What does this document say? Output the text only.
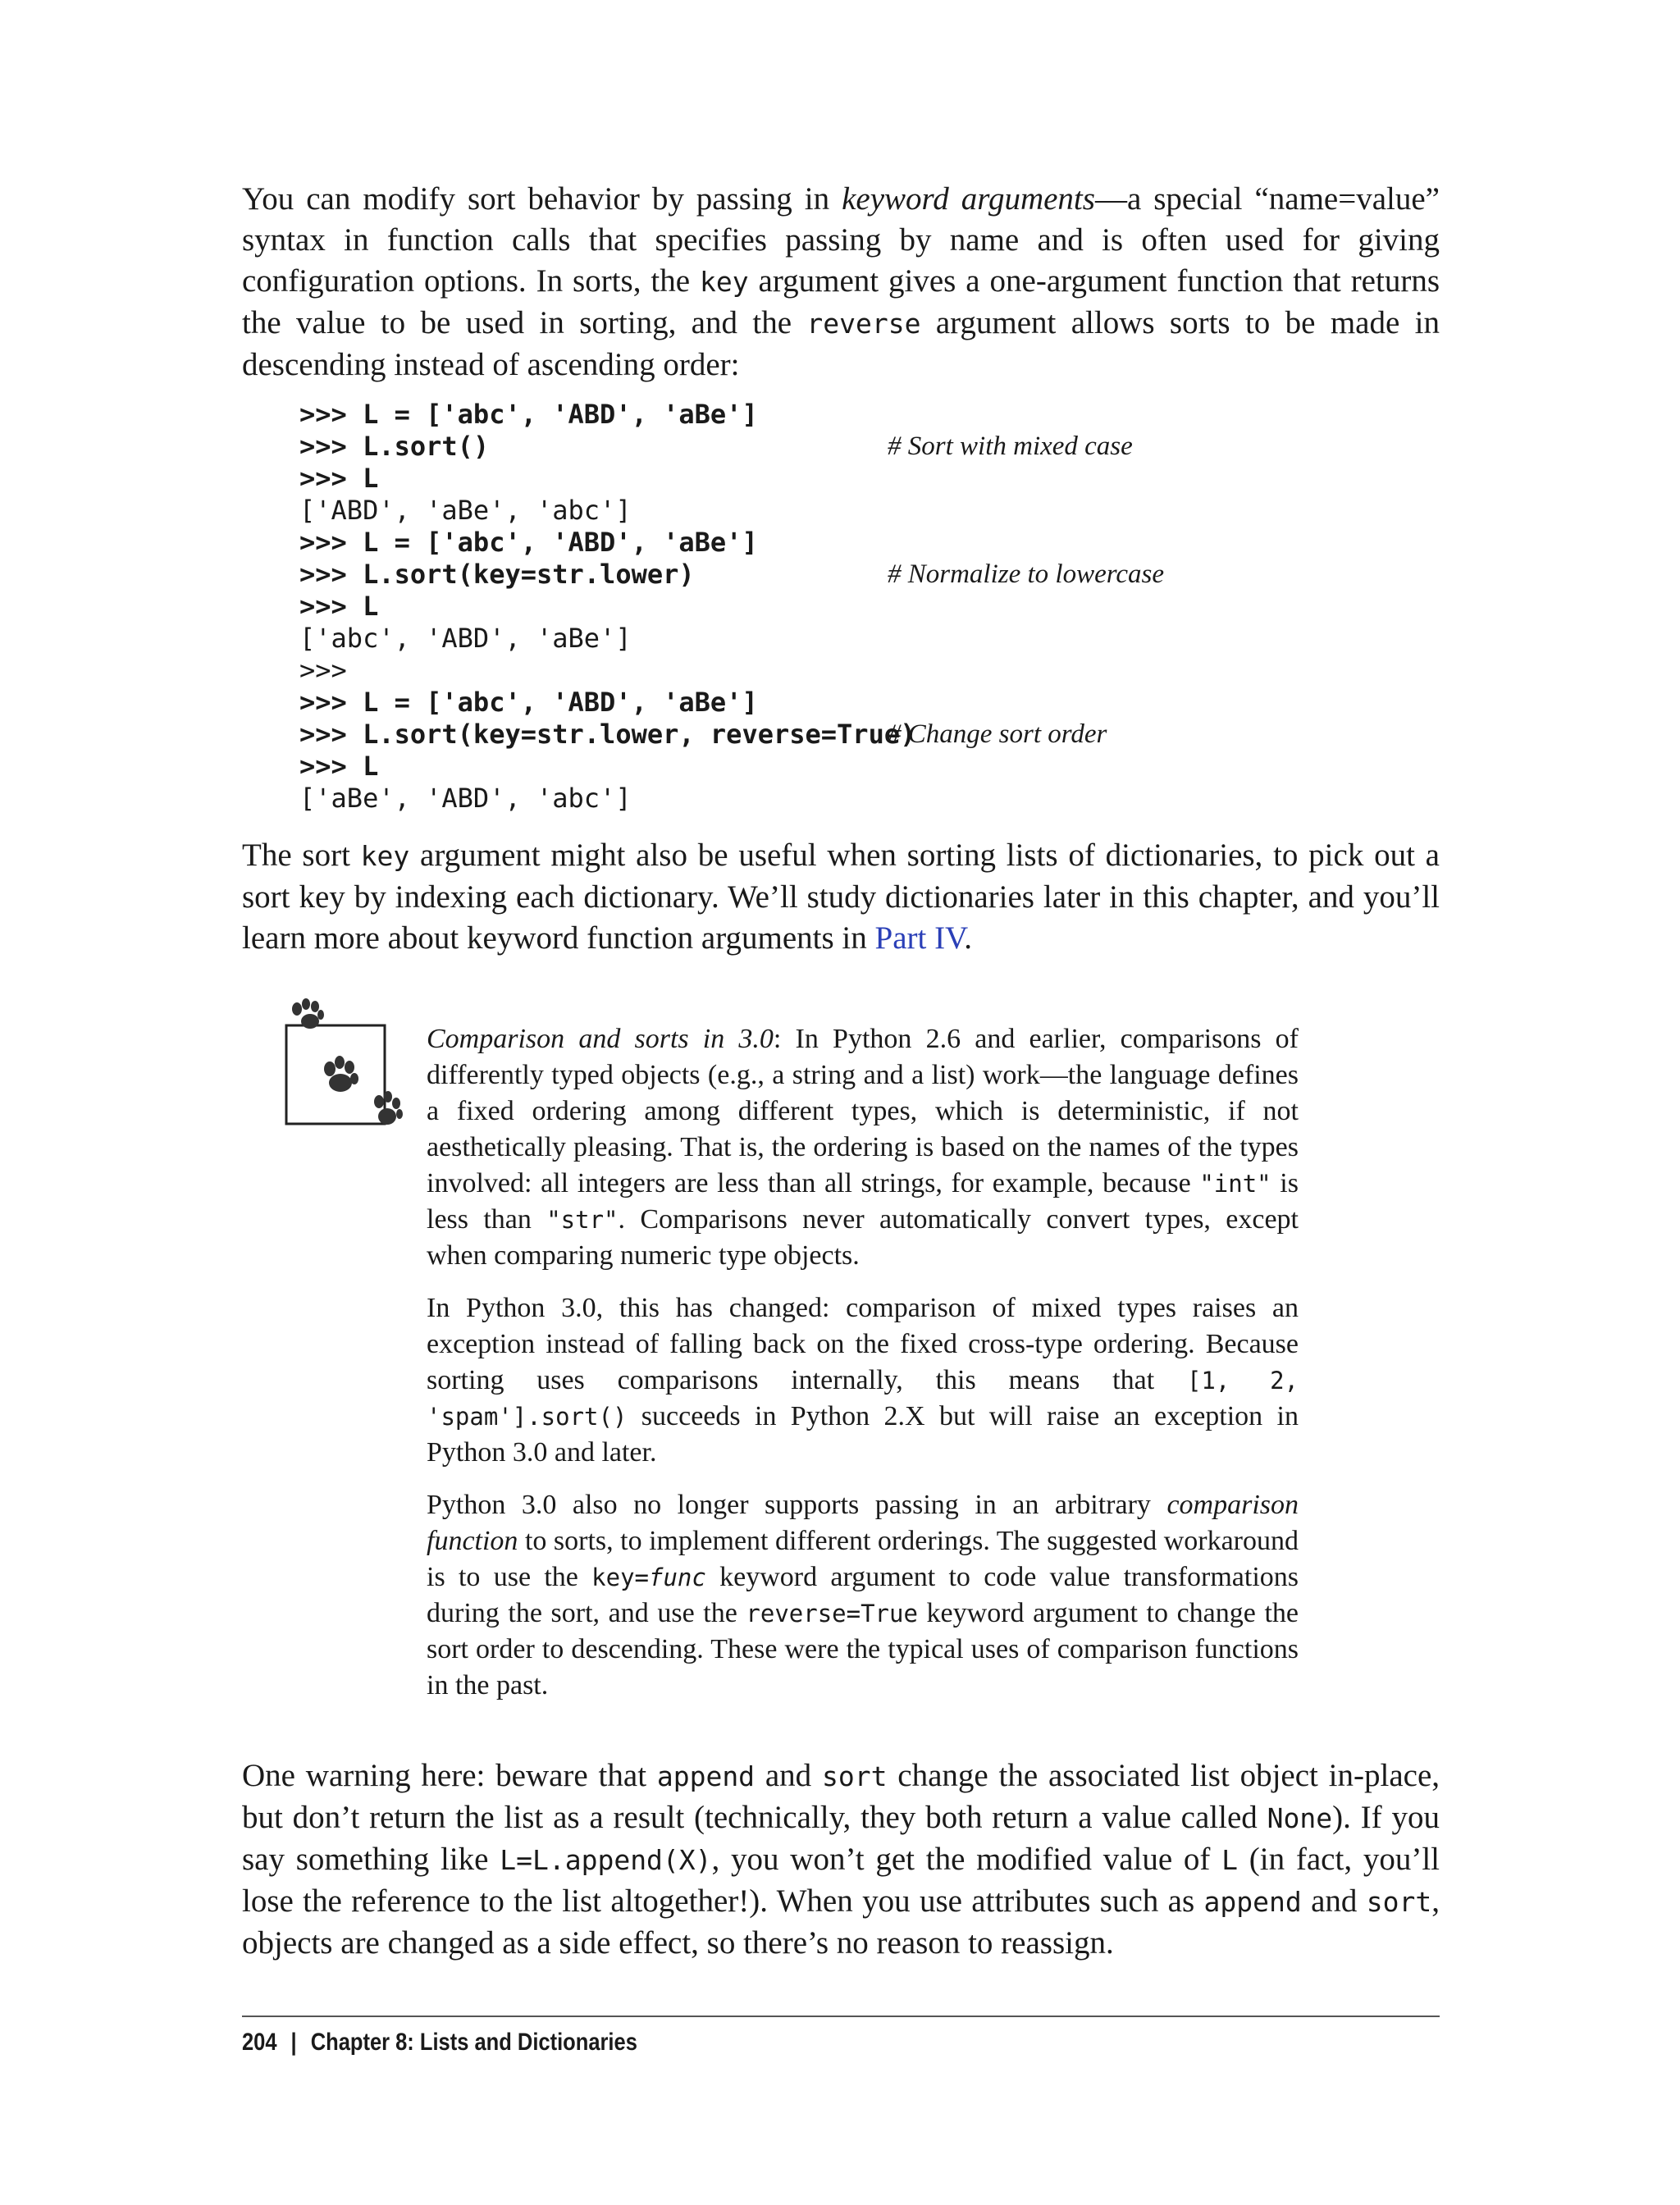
You can modify sort behavior by passing in keyword arguments—a special “name=value” syntax in function calls that specifies passing by name and is often used for giving configuration options. In sorts, the key argument gives a one-argument function that returns the value to be used in sorting, and the reverse argument allows sorts to be made in descending instead of ascending order:

>>> L = ['abc', 'ABD', 'aBe']
>>> L.sort()	# Sort with mixed case
>>> L
['ABD', 'aBe', 'abc']
>>> L = ['abc', 'ABD', 'aBe']
>>> L.sort(key=str.lower)	# Normalize to lowercase
>>> L
['abc', 'ABD', 'aBe']
>>>
>>> L = ['abc', 'ABD', 'aBe']
>>> L.sort(key=str.lower, reverse=True)
# Change sort order
>>> L
['aBe', 'ABD', 'abc']

The sort key argument might also be useful when sorting lists of dictionaries, to pick out a sort key by indexing each dictionary. We’ll study dictionaries later in this chapter, and you’ll learn more about keyword function arguments in Part IV.

Comparison and sorts in 3.0: In Python 2.6 and earlier, comparisons of differently typed objects (e.g., a string and a list) work—the language defines a fixed ordering among different types, which is deterministic, if not aesthetically pleasing. That is, the ordering is based on the names of the types involved: all integers are less than all strings, for example, because "int" is less than "str". Comparisons never automatically convert types, except when comparing numeric type objects.

In Python 3.0, this has changed: comparison of mixed types raises an exception instead of falling back on the fixed cross-type ordering. Because sorting uses comparisons internally, this means that [1, 2, 'spam'].sort() succeeds in Python 2.X but will raise an exception in Python 3.0 and later.

Python 3.0 also no longer supports passing in an arbitrary comparison function to sorts, to implement different orderings. The suggested workaround is to use the key=func keyword argument to code value transformations during the sort, and use the reverse=True keyword argument to change the sort order to descending. These were the typical uses of comparison functions in the past.

One warning here: beware that append and sort change the associated list object in-place, but don’t return the list as a result (technically, they both return a value called None). If you say something like L=L.append(X), you won’t get the modified value of L (in fact, you’ll lose the reference to the list altogether!). When you use attributes such as append and sort, objects are changed as a side effect, so there’s no reason to reassign.

204 | Chapter 8: Lists and Dictionaries
